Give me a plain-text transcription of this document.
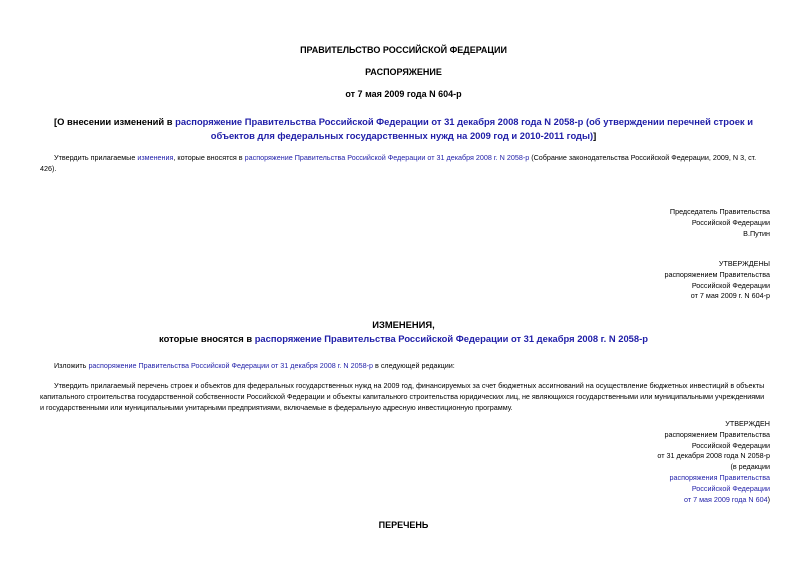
ПРАВИТЕЛЬСТВО РОССИЙСКОЙ ФЕДЕРАЦИИ
РАСПОРЯЖЕНИЕ
от 7 мая 2009 года N 604-р
[О внесении изменений в распоряжение Правительства Российской Федерации от 31 декабря 2008 года N 2058-р (об утверждении перечней строек и объектов для федеральных государственных нужд на 2009 год и 2010-2011 годы)]
Утвердить прилагаемые изменения, которые вносятся в распоряжение Правительства Российской Федерации от 31 декабря 2008 г. N 2058-р (Собрание законодательства Российской Федерации, 2009, N 3, ст. 426).
Председатель Правительства
Российской Федерации
В.Путин
УТВЕРЖДЕНЫ
распоряжением Правительства
Российской Федерации
от 7 мая 2009 г. N 604-р
ИЗМЕНЕНИЯ,
которые вносятся в распоряжение Правительства Российской Федерации от 31 декабря 2008 г. N 2058-р
Изложить распоряжение Правительства Российской Федерации от 31 декабря 2008 г. N 2058-р в следующей редакции:
Утвердить прилагаемый перечень строек и объектов для федеральных государственных нужд на 2009 год, финансируемых за счет бюджетных ассигнований на осуществление бюджетных инвестиций в объекты капитального строительства государственной собственности Российской Федерации и объекты капитального строительства юридических лиц, не являющихся государственными или муниципальными учреждениями и государственными или муниципальными унитарными предприятиями, включаемые в федеральную адресную инвестиционную программу.
УТВЕРЖДЕН
распоряжением Правительства
Российской Федерации
от 31 декабря 2008 года N 2058-р
(в редакции
распоряжения Правительства
Российской Федерации
от 7 мая 2009 года N 604)
ПЕРЕЧЕНЬ
